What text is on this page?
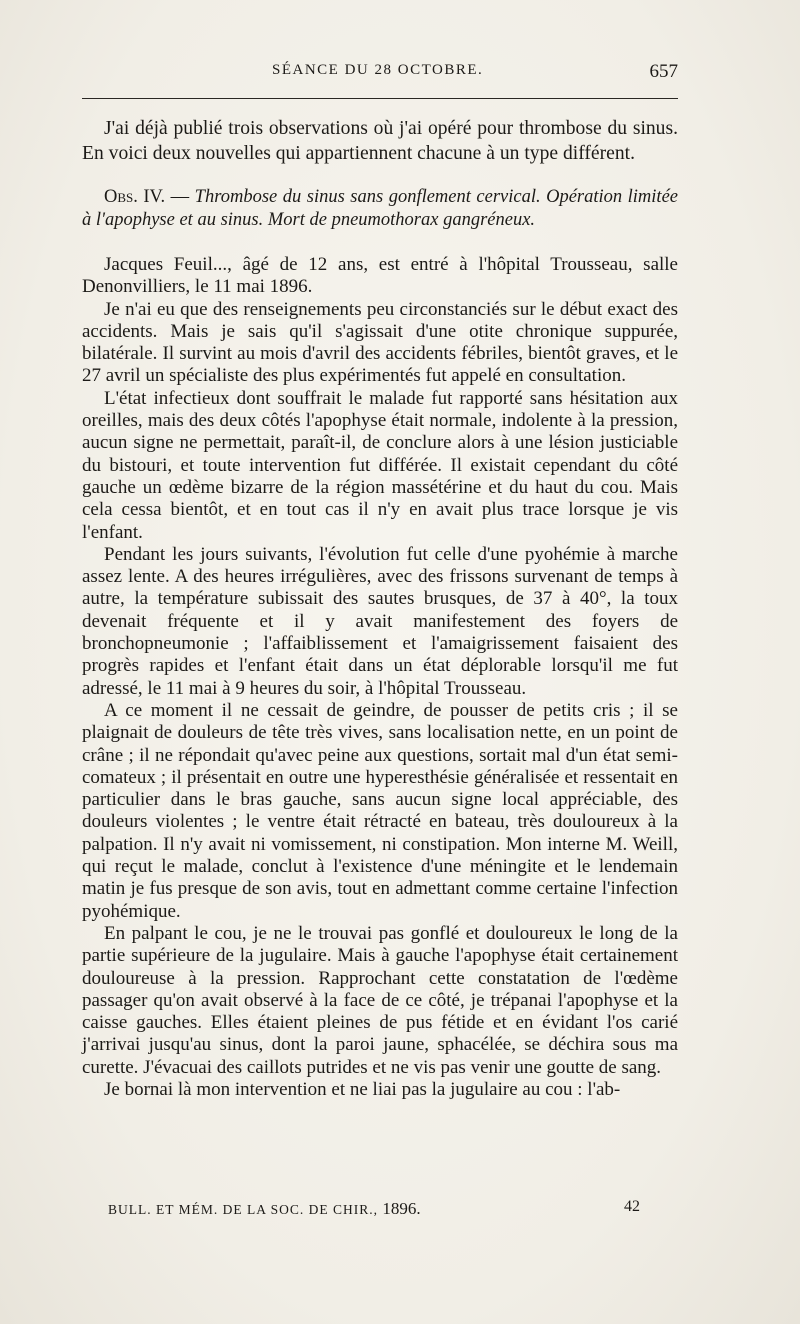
SÉANCE DU 28 OCTOBRE.	657

J'ai déjà publié trois observations où j'ai opéré pour thrombose du sinus. En voici deux nouvelles qui appartiennent chacune à un type différent.

Obs. IV. — Thrombose du sinus sans gonflement cervical. Opération limitée à l'apophyse et au sinus. Mort de pneumothorax gangréneux.

Jacques Feuil..., âgé de 12 ans, est entré à l'hôpital Trousseau, salle Denonvilliers, le 11 mai 1896.

Je n'ai eu que des renseignements peu circonstanciés sur le début exact des accidents. Mais je sais qu'il s'agissait d'une otite chronique suppurée, bilatérale. Il survint au mois d'avril des accidents fébriles, bientôt graves, et le 27 avril un spécialiste des plus expérimentés fut appelé en consultation.

L'état infectieux dont souffrait le malade fut rapporté sans hésitation aux oreilles, mais des deux côtés l'apophyse était normale, indolente à la pression, aucun signe ne permettait, paraît-il, de conclure alors à une lésion justiciable du bistouri, et toute intervention fut différée. Il existait cependant du côté gauche un œdème bizarre de la région massétérine et du haut du cou. Mais cela cessa bientôt, et en tout cas il n'y en avait plus trace lorsque je vis l'enfant.

Pendant les jours suivants, l'évolution fut celle d'une pyohémie à marche assez lente. A des heures irrégulières, avec des frissons survenant de temps à autre, la température subissait des sautes brusques, de 37 à 40°, la toux devenait fréquente et il y avait manifestement des foyers de bronchopneumonie ; l'affaiblissement et l'amaigrissement faisaient des progrès rapides et l'enfant était dans un état déplorable lorsqu'il me fut adressé, le 11 mai à 9 heures du soir, à l'hôpital Trousseau.

A ce moment il ne cessait de geindre, de pousser de petits cris ; il se plaignait de douleurs de tête très vives, sans localisation nette, en un point de crâne ; il ne répondait qu'avec peine aux questions, sortait mal d'un état semi-comateux ; il présentait en outre une hyperesthésie généralisée et ressentait en particulier dans le bras gauche, sans aucun signe local appréciable, des douleurs violentes ; le ventre était rétracté en bateau, très douloureux à la palpation. Il n'y avait ni vomissement, ni constipation. Mon interne M. Weill, qui reçut le malade, conclut à l'existence d'une méningite et le lendemain matin je fus presque de son avis, tout en admettant comme certaine l'infection pyohémique.

En palpant le cou, je ne le trouvai pas gonflé et douloureux le long de la partie supérieure de la jugulaire. Mais à gauche l'apophyse était certainement douloureuse à la pression. Rapprochant cette constatation de l'œdème passager qu'on avait observé à la face de ce côté, je trépanai l'apophyse et la caisse gauches. Elles étaient pleines de pus fétide et en évidant l'os carié j'arrivai jusqu'au sinus, dont la paroi jaune, sphacélée, se déchira sous ma curette. J'évacuai des caillots putrides et ne vis pas venir une goutte de sang.

Je bornai là mon intervention et ne liai pas la jugulaire au cou : l'ab-

BULL. ET MÉM. DE LA SOC. DE CHIR., 1896.	42
